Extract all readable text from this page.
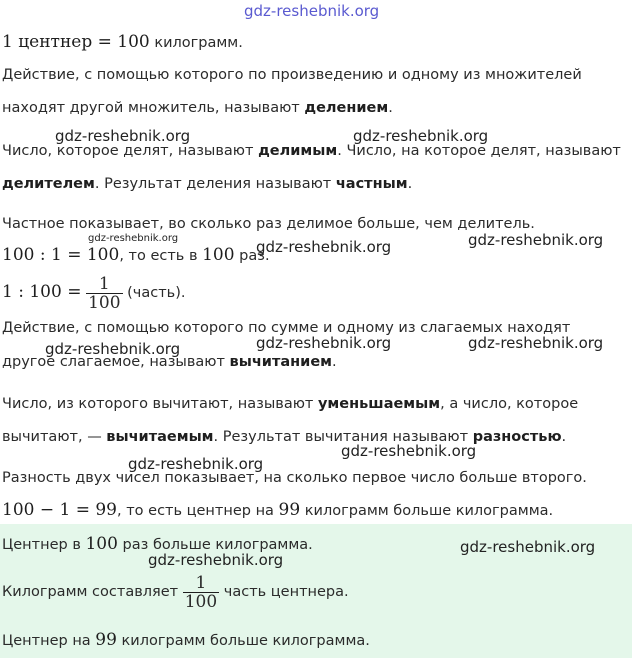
gdz-reshebnik.org
1 центнер = 100 килограмм.
Действие, с помощью которого по произведению и одному из множителей
находят другой множитель, называют делением.
gdz-reshebnik.org	gdz-reshebnik.org
Число, которое делят, называют делимым. Число, на которое делят, называют
делителем. Результат деления называют частным.
Частное показывает, во сколько раз делимое больше, чем делитель.
gdz-reshebnik.org	gdz-reshebnik.org	gdz-reshebnik.org
100 : 1 = 100, то есть в 100 раз.
1 : $100 = \frac{1}{100}$ (часть).
Действие, с помощью которого по сумме и одному из слагаемых находят
gdz-reshebnik.org	gdz-reshebnik.org	gdz-reshebnik.org
другое слагаемое, называют вычитанием.
Число, из которого вычитают, называют уменьшаемым, а число, которое
вычитают, — вычитаемым. Результат вычитания называют разностью.
gdz-reshebnik.org
gdz-reshebnik.org
Разность двух чисел показывает, на сколько первое число больше второго.
100 − 1 = 99, то есть центнер на 99 килограмм больше килограмма.
Центнер в 100 раз больше килограмма.	gdz-reshebnik.org
gdz-reshebnik.org
Килограмм составляет $\frac{1}{100}$ часть центнера.
Центнер на 99 килограмм больше килограмма.
